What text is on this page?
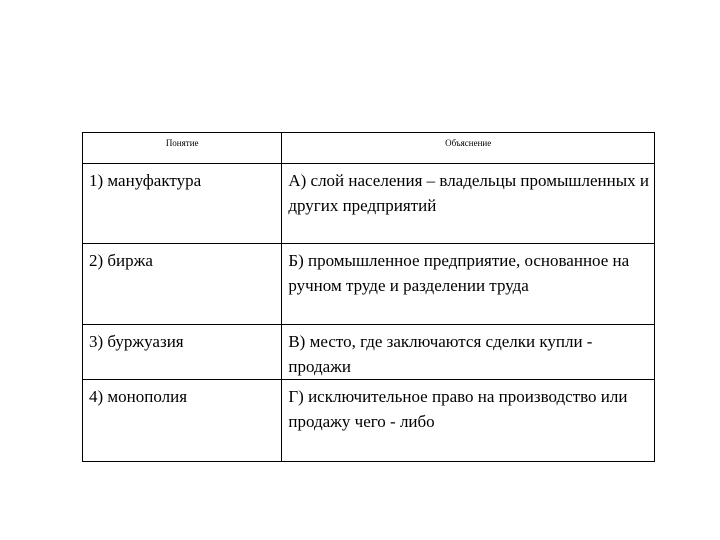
Понятие	Объяснение
1) мануфактура	А) слой населения – владельцы промышленных и других предприятий
2) биржа	Б) промышленное предприятие, основанное на ручном труде и разделении труда
3) буржуазия	В) место, где заключаются сделки купли - продажи
4) монополия	Г) исключительное право на производство или продажу чего - либо
